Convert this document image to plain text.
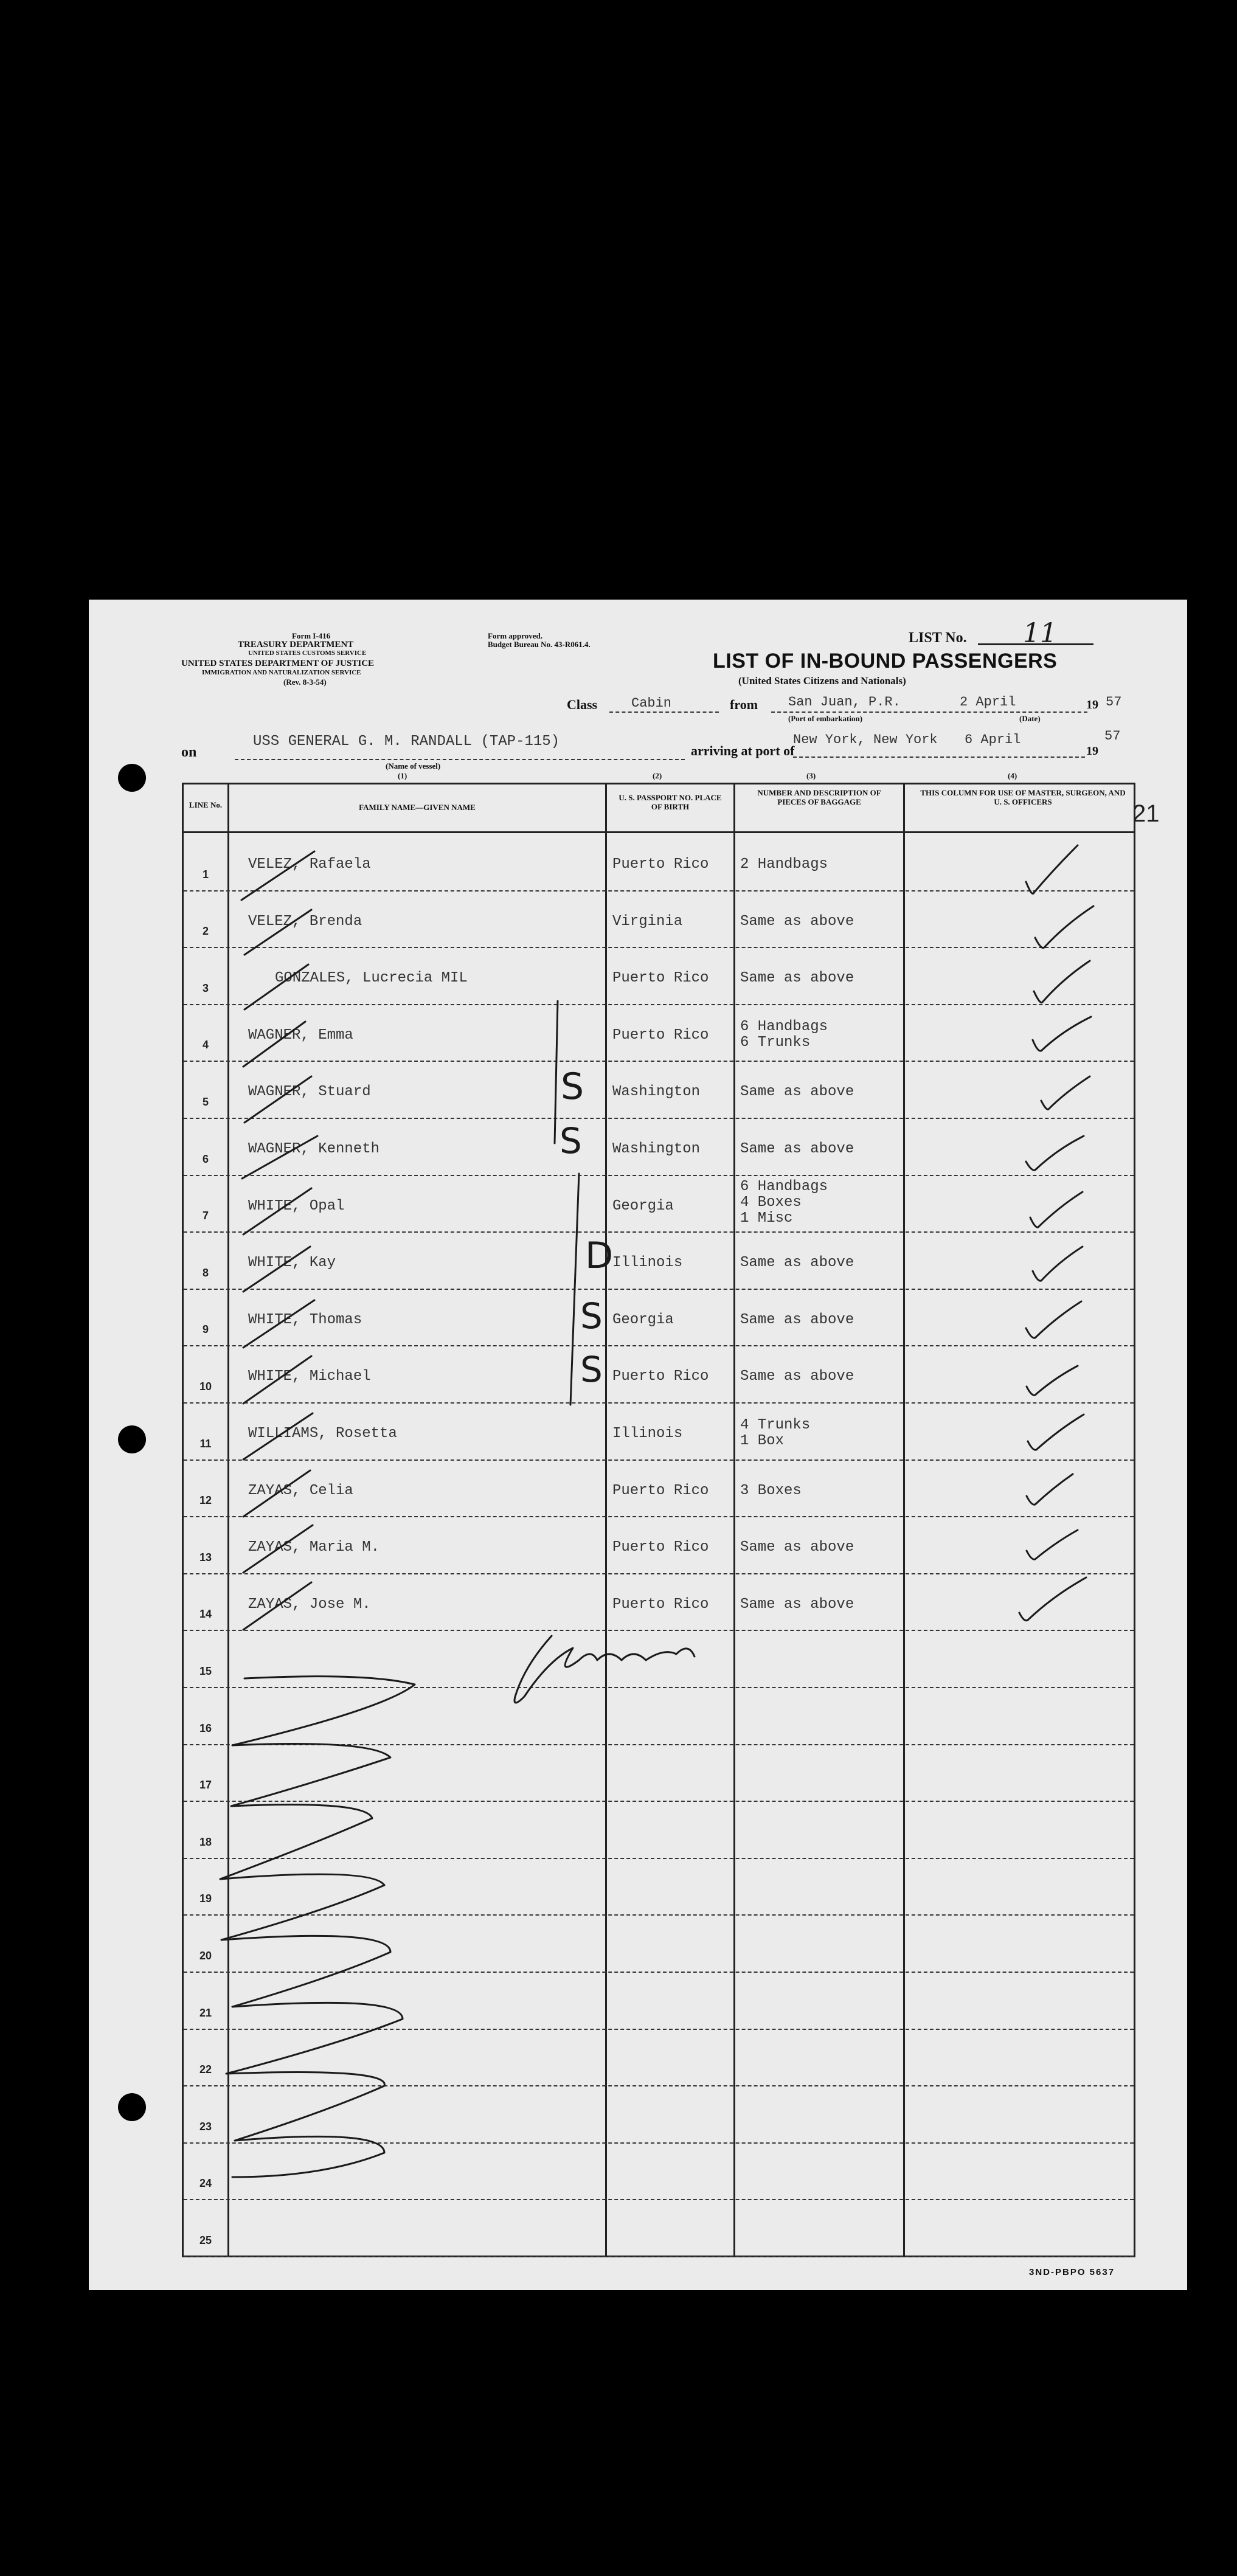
Form I-416
TREASURY DEPARTMENT
UNITED STATES CUSTOMS SERVICE
UNITED STATES DEPARTMENT OF JUSTICE
IMMIGRATION AND NATURALIZATION SERVICE
(Rev. 8-3-54)
Form approved.
Budget Bureau No. 43-R061.4.	LIST No. 11
LIST OF IN-BOUND PASSENGERS
(United States Citizens and Nationals)
Class	Cabin	from San Juan, P.R.	2 April	19 57
(Port of embarkation)	(Date)
on
USS GENERAL G. M. RANDALL (TAP-115)
(Name of vessel)
arriving at port of
New York, New York 6 April
19
57
(1)	(2)	(3)	(4)
21
LINE No.	FAMILY NAME—GIVEN NAME
U. S. PASSPORT NO. PLACE OF BIRTH
NUMBER AND DESCRIPTION OF PIECES OF BAGGAGE
THIS COLUMN FOR USE OF MASTER, SURGEON, AND U. S. OFFICERS
1
VELEZ, Rafaela	Puerto Rico 2 Handbags
2
VELEZ, Brenda	Virginia	Same as above
3
GONZALES, Lucrecia MIL	Puerto Rico Same as above
4
WAGNER, Emma	Puerto Rico
6 Handbags
6 Trunks
5
WAGNER, Stuard	Washington	Same as above
6
WAGNER, Kenneth	Washington	Same as above
7
WHITE, Opal	Georgia
6 Handbags
4 Boxes
1 Misc
8
WHITE, Kay	Illinois	Same as above
9
WHITE, Thomas	Georgia	Same as above
10
WHITE, Michael	Puerto Rico Same as above
11
WILLIAMS, Rosetta	Illinois
4 Trunks
1 Box
12
ZAYAS, Celia	Puerto Rico 3 Boxes
13
ZAYAS, Maria M.	Puerto Rico Same as above
14
ZAYAS, Jose M.	Puerto Rico Same as above
15
16
17
18
19
20
21
22
23
24
25
S
S
D
S
S
3ND-PBPO 5637
